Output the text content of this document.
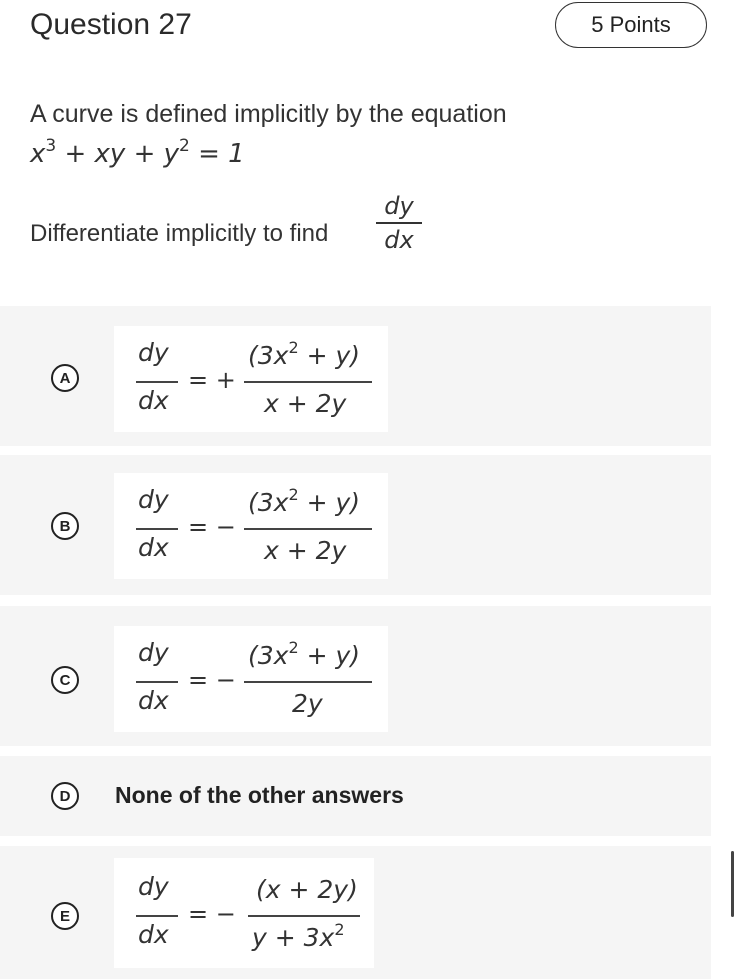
Question 27	5 Points
A curve is defined implicitly by the equation
$x^3$ + xy + $y^2 = 1$
Differentiate implicitly to find
dy
dx
A
dy
dx
= +
$(3x^2 + y)$
x + 2y
B
dy
dx
= −
$(3x^2 + y)$
x + 2y
C
dy
dx
= −
$(3x^2 + y)$
2y
D	None of the other answers
E
dy
dx
= −
(x + 2y)
$y + 3x^2$
